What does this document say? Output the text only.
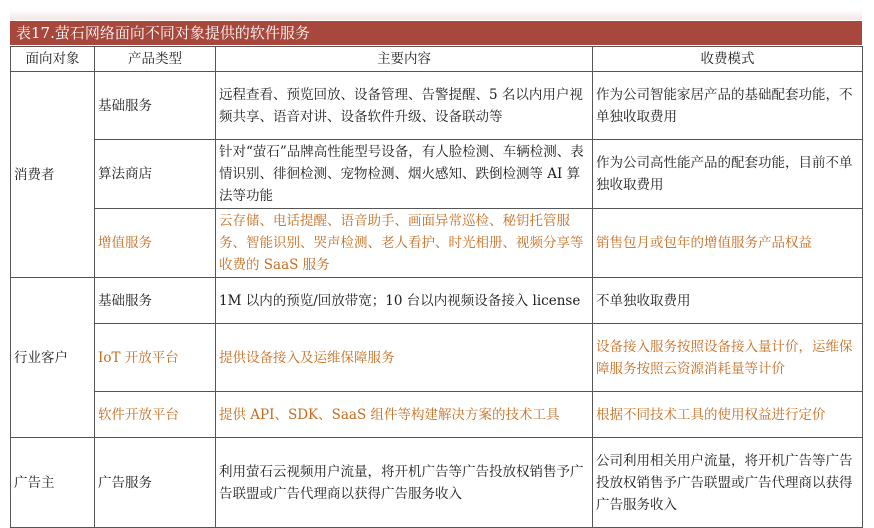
表17.萤石网络面向不同对象提供的软件服务
面向对象	产品类型	主要内容	收费模式
消费者	基础服务	远程查看、预览回放、设备管理、告警提醒、5 名以内用户视频共享、语音对讲、设备软件升级、设备联动等	作为公司智能家居产品的基础配套功能，不单独收取费用
	算法商店	针对“萤石”品牌高性能型号设备，有人脸检测、车辆检测、表情识别、徘徊检测、宠物检测、烟火感知、跌倒检测等 AI 算法等功能	作为公司高性能产品的配套功能，目前不单独收取费用
	增值服务	云存储、电话提醒、语音助手、画面异常巡检、秘钥托管服务、智能识别、哭声检测、老人看护、时光相册、视频分享等收费的 SaaS 服务	销售包月或包年的增值服务产品权益
行业客户	基础服务	1M 以内的预览/回放带宽；10 台以内视频设备接入 license	不单独收取费用
	IoT 开放平台	提供设备接入及运维保障服务	设备接入服务按照设备接入量计价，运维保障服务按照云资源消耗量等计价
	软件开放平台	提供 API、SDK、SaaS 组件等构建解决方案的技术工具	根据不同技术工具的使用权益进行定价
广告主	广告服务	利用萤石云视频用户流量，将开机广告等广告投放权销售予广告联盟或广告代理商以获得广告服务收入	公司利用相关用户流量，将开机广告等广告投放权销售予广告联盟或广告代理商以获得广告服务收入
